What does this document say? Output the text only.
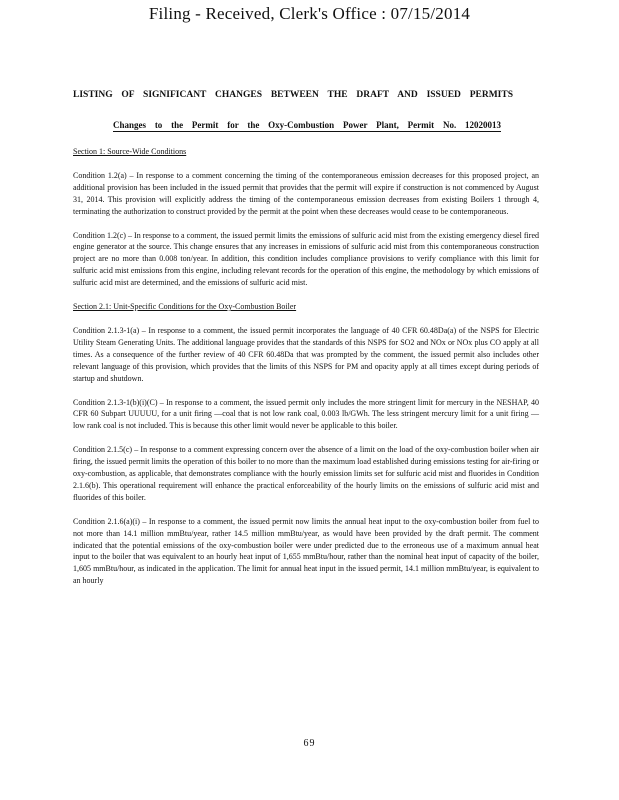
Filing - Received, Clerk's Office : 07/15/2014
LISTING OF SIGNIFICANT CHANGES BETWEEN THE DRAFT AND ISSUED PERMITS
Changes to the Permit for the Oxy-Combustion Power Plant, Permit No. 12020013
Section 1: Source-Wide Conditions

Condition 1.2(a) – In response to a comment concerning the timing of the contemporaneous emission decreases for this proposed project, an additional provision has been included in the issued permit that provides that the permit will expire if construction is not commenced by August 31, 2014. This provision will explicitly address the timing of the contemporaneous emission decreases from existing Boilers 1 through 4, terminating the authorization to construct provided by the permit at the point when these decreases would cease to be contemporaneous.

Condition 1.2(c) – In response to a comment, the issued permit limits the emissions of sulfuric acid mist from the existing emergency diesel fired engine generator at the source. This change ensures that any increases in emissions of sulfuric acid mist from this contemporaneous construction project are no more than 0.008 ton/year. In addition, this condition includes compliance provisions to verify compliance with this limit for sulfuric acid mist emissions from this engine, including relevant records for the operation of this engine, the methodology by which emissions of sulfuric acid mist are determined, and the emissions of sulfuric acid mist.

Section 2.1: Unit-Specific Conditions for the Oxy-Combustion Boiler

Condition 2.1.3-1(a) – In response to a comment, the issued permit incorporates the language of 40 CFR 60.48Da(a) of the NSPS for Electric Utility Steam Generating Units. The additional language provides that the standards of this NSPS for SO2 and NOx or NOx plus CO apply at all times. As a consequence of the further review of 40 CFR 60.48Da that was prompted by the comment, the issued permit also includes other relevant language of this provision, which provides that the limits of this NSPS for PM and opacity apply at all times except during periods of startup and shutdown.

Condition 2.1.3-1(b)(i)(C) – In response to a comment, the issued permit only includes the more stringent limit for mercury in the NESHAP, 40 CFR 60 Subpart UUUUU, for a unit firing —coal that is not low rank coal, 0.003 lb/GWh. The less stringent mercury limit for a unit firing —low rank coal is not included. This is because this other limit would never be applicable to this boiler.

Condition 2.1.5(c) – In response to a comment expressing concern over the absence of a limit on the load of the oxy-combustion boiler when air firing, the issued permit limits the operation of this boiler to no more than the maximum load established during emissions testing for air-firing or oxy-combustion, as applicable, that demonstrates compliance with the hourly emission limits set for sulfuric acid mist and fluorides in Condition 2.1.6(b). This operational requirement will enhance the practical enforceability of the hourly limits on the emissions of sulfuric acid mist and fluorides of this boiler.

Condition 2.1.6(a)(i) – In response to a comment, the issued permit now limits the annual heat input to the oxy-combustion boiler from fuel to not more than 14.1 million mmBtu/year, rather 14.5 million mmBtu/year, as would have been provided by the draft permit. The comment indicated that the potential emissions of the oxy-combustion boiler were under predicted due to the erroneous use of a maximum annual heat input to the boiler that was equivalent to an hourly heat input of 1,655 mmBtu/hour, rather than the nominal heat input of capacity of the boiler, 1,605 mmBtu/hour, as indicated in the application. The limit for annual heat input in the issued permit, 14.1 million mmBtu/year, is equivalent to an hourly

69
